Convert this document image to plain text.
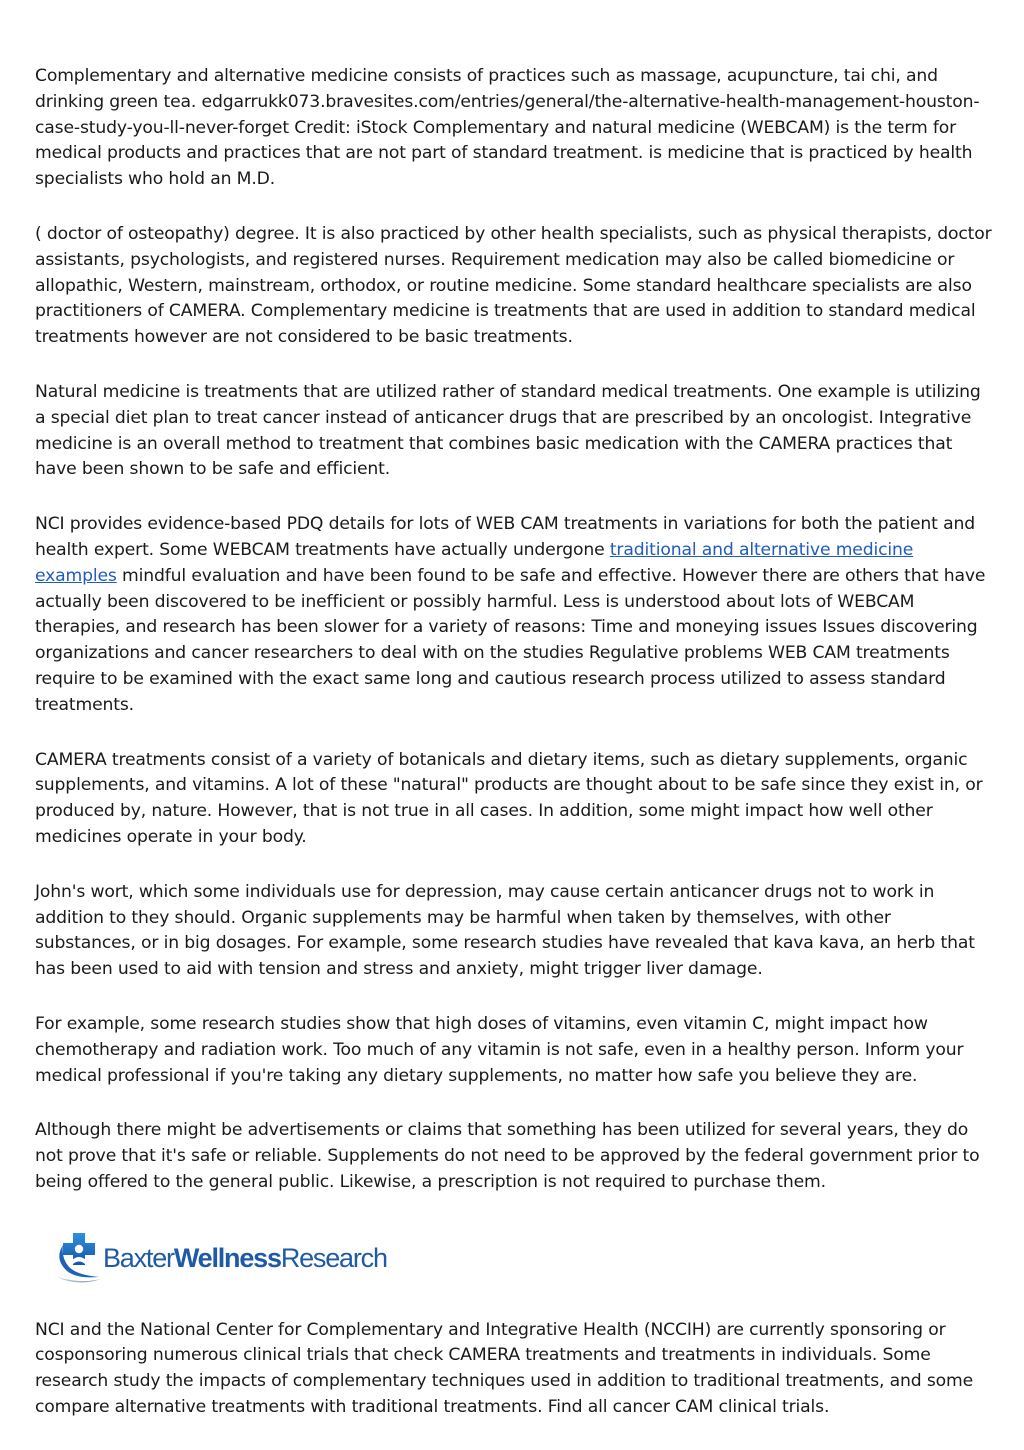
Complementary and alternative medicine consists of practices such as massage, acupuncture, tai chi, and drinking green tea. edgarrukk073.bravesites.com/entries/general/the-alternative-health-management-houston-case-study-you-ll-never-forget Credit: iStock Complementary and natural medicine (WEBCAM) is the term for medical products and practices that are not part of standard treatment. is medicine that is practiced by health specialists who hold an M.D.

( doctor of osteopathy) degree. It is also practiced by other health specialists, such as physical therapists, doctor assistants, psychologists, and registered nurses. Requirement medication may also be called biomedicine or allopathic, Western, mainstream, orthodox, or routine medicine. Some standard healthcare specialists are also practitioners of CAMERA. Complementary medicine is treatments that are used in addition to standard medical treatments however are not considered to be basic treatments.

Natural medicine is treatments that are utilized rather of standard medical treatments. One example is utilizing a special diet plan to treat cancer instead of anticancer drugs that are prescribed by an oncologist. Integrative medicine is an overall method to treatment that combines basic medication with the CAMERA practices that have been shown to be safe and efficient.

NCI provides evidence-based PDQ details for lots of WEB CAM treatments in variations for both the patient and health expert. Some WEBCAM treatments have actually undergone traditional and alternative medicine examples mindful evaluation and have been found to be safe and effective. However there are others that have actually been discovered to be inefficient or possibly harmful. Less is understood about lots of WEBCAM therapies, and research has been slower for a variety of reasons: Time and moneying issues Issues discovering organizations and cancer researchers to deal with on the studies Regulative problems WEB CAM treatments require to be examined with the exact same long and cautious research process utilized to assess standard treatments.

CAMERA treatments consist of a variety of botanicals and dietary items, such as dietary supplements, organic supplements, and vitamins. A lot of these "natural" products are thought about to be safe since they exist in, or produced by, nature. However, that is not true in all cases. In addition, some might impact how well other medicines operate in your body.

John's wort, which some individuals use for depression, may cause certain anticancer drugs not to work in addition to they should. Organic supplements may be harmful when taken by themselves, with other substances, or in big dosages. For example, some research studies have revealed that kava kava, an herb that has been used to aid with tension and stress and anxiety, might trigger liver damage.

For example, some research studies show that high doses of vitamins, even vitamin C, might impact how chemotherapy and radiation work. Too much of any vitamin is not safe, even in a healthy person. Inform your medical professional if you're taking any dietary supplements, no matter how safe you believe they are.

Although there might be advertisements or claims that something has been utilized for several years, they do not prove that it's safe or reliable. Supplements do not need to be approved by the federal government prior to being offered to the general public. Likewise, a prescription is not required to purchase them.

BaxterWellnessResearch

NCI and the National Center for Complementary and Integrative Health (NCCIH) are currently sponsoring or cosponsoring numerous clinical trials that check CAMERA treatments and treatments in individuals. Some research study the impacts of complementary techniques used in addition to traditional treatments, and some compare alternative treatments with traditional treatments. Find all cancer CAM clinical trials.
